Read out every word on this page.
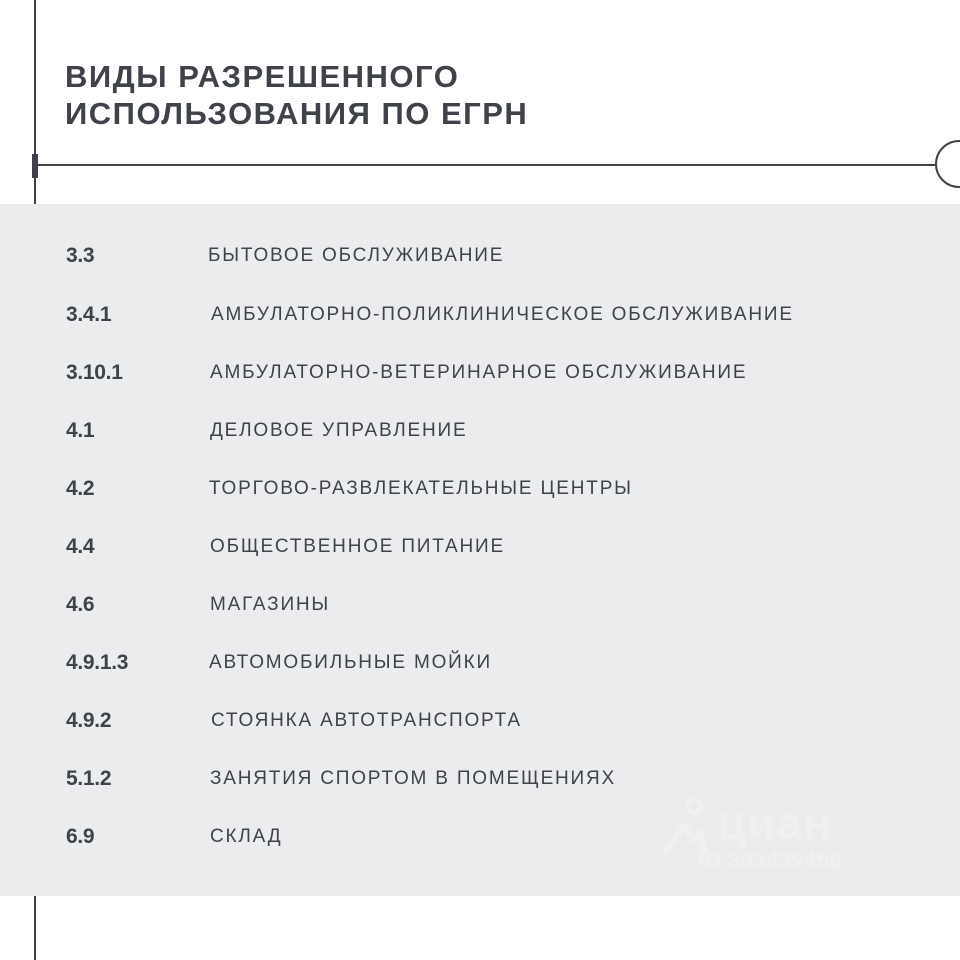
ВИДЫ РАЗРЕШЕННОГО
ИСПОЛЬЗОВАНИЯ ПО ЕГРН
3.3	БЫТОВОЕ ОБСЛУЖИВАНИЕ
3.4.1	АМБУЛАТОРНО-ПОЛИКЛИНИЧЕСКОЕ ОБСЛУЖИВАНИЕ
3.10.1	АМБУЛАТОРНО-ВЕТЕРИНАРНОЕ ОБСЛУЖИВАНИЕ
4.1	ДЕЛОВОЕ УПРАВЛЕНИЕ
4.2	ТОРГОВО-РАЗВЛЕКАТЕЛЬНЫЕ ЦЕНТРЫ
4.4	ОБЩЕСТВЕННОЕ ПИТАНИЕ
4.6	МАГАЗИНЫ
4.9.1.3	АВТОМОБИЛЬНЫЕ МОЙКИ
4.9.2	СТОЯНКА АВТОТРАНСПОРТА
5.1.2	ЗАНЯТИЯ СПОРТОМ В ПОМЕЩЕНИЯХ
6.9	СКЛАД	циан
ID 303439450
